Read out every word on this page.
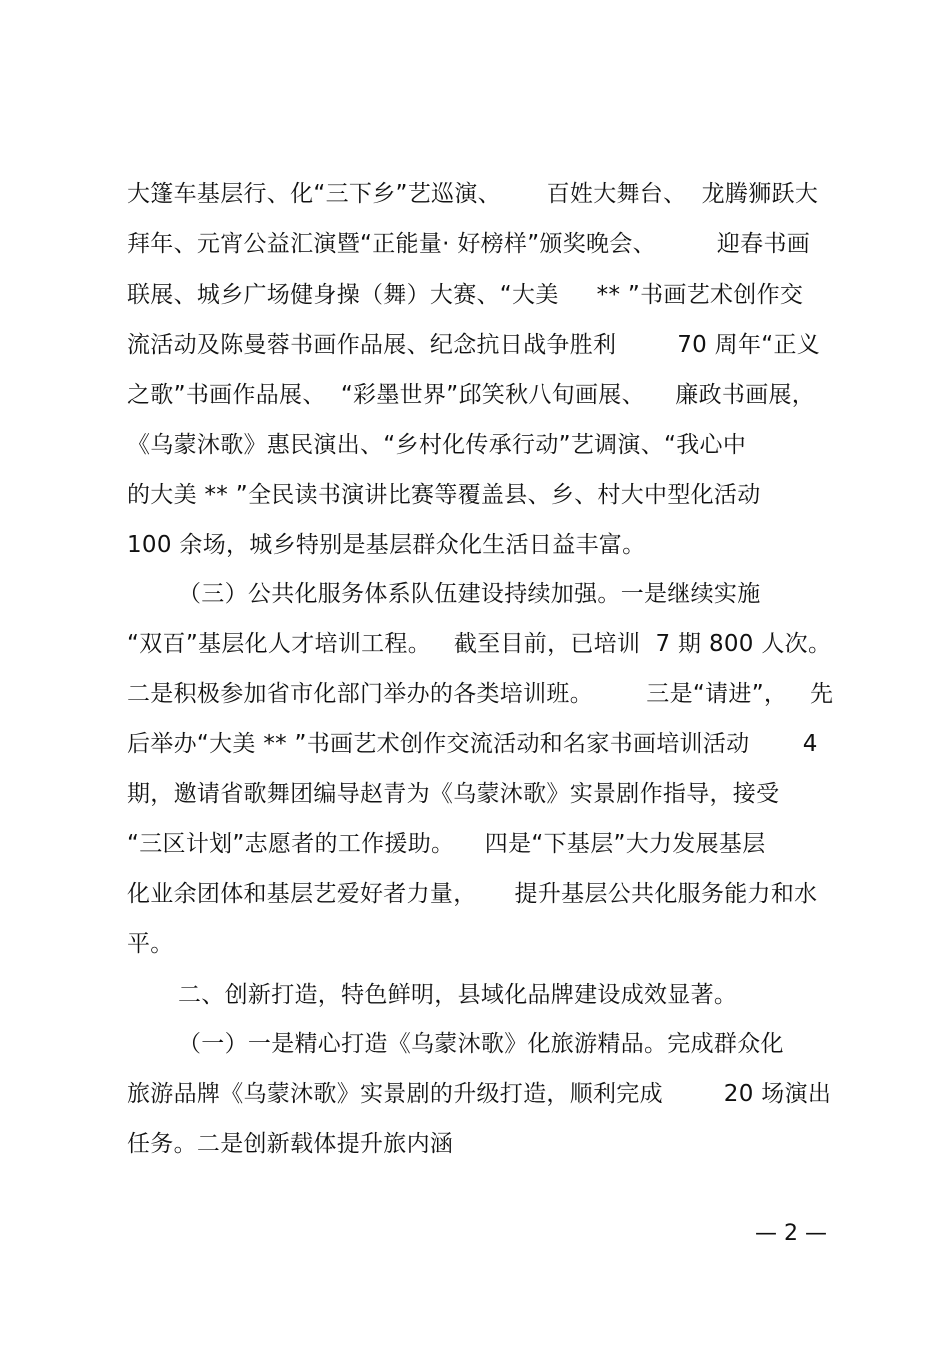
大篷车基层行、化“三下乡”艺巡演、      百姓大舞台、  龙腾狮跃大
拜年、元宵公益汇演暨“正能量· 好榜样”颁奖晚会、        迎春书画
联展、城乡广场健身操（舞）大赛、“大美     ** ”书画艺术创作交
流活动及陈曼蓉书画作品展、纪念抗日战争胜利        70 周年“正义
之歌”书画作品展、  “彩墨世界”邱笑秋八旬画展、    廉政书画展，
《乌蒙沐歌》惠民演出、“乡村化传承行动”艺调演、“我心中
的大美 ** ”全民读书演讲比赛等覆盖县、乡、村大中型化活动
100 余场，城乡特别是基层群众化生活日益丰富。
（三）公共化服务体系队伍建设持续加强。一是继续实施
“双百”基层化人才培训工程。   截至目前，已培训  7 期 800 人次。
二是积极参加省市化部门举办的各类培训班。       三是“请进”，   先
后举办“大美 ** ”书画艺术创作交流活动和名家书画培训活动       4
期，邀请省歌舞团编导赵青为《乌蒙沐歌》实景剧作指导，接受
“三区计划”志愿者的工作援助。    四是“下基层”大力发展基层
化业余团体和基层艺爱好者力量，     提升基层公共化服务能力和水
平。
二、创新打造，特色鲜明，县域化品牌建设成效显著。
（一）一是精心打造《乌蒙沐歌》化旅游精品。完成群众化
旅游品牌《乌蒙沐歌》实景剧的升级打造，顺利完成        20 场演出
任务。二是创新载体提升旅内涵
— 2 —
